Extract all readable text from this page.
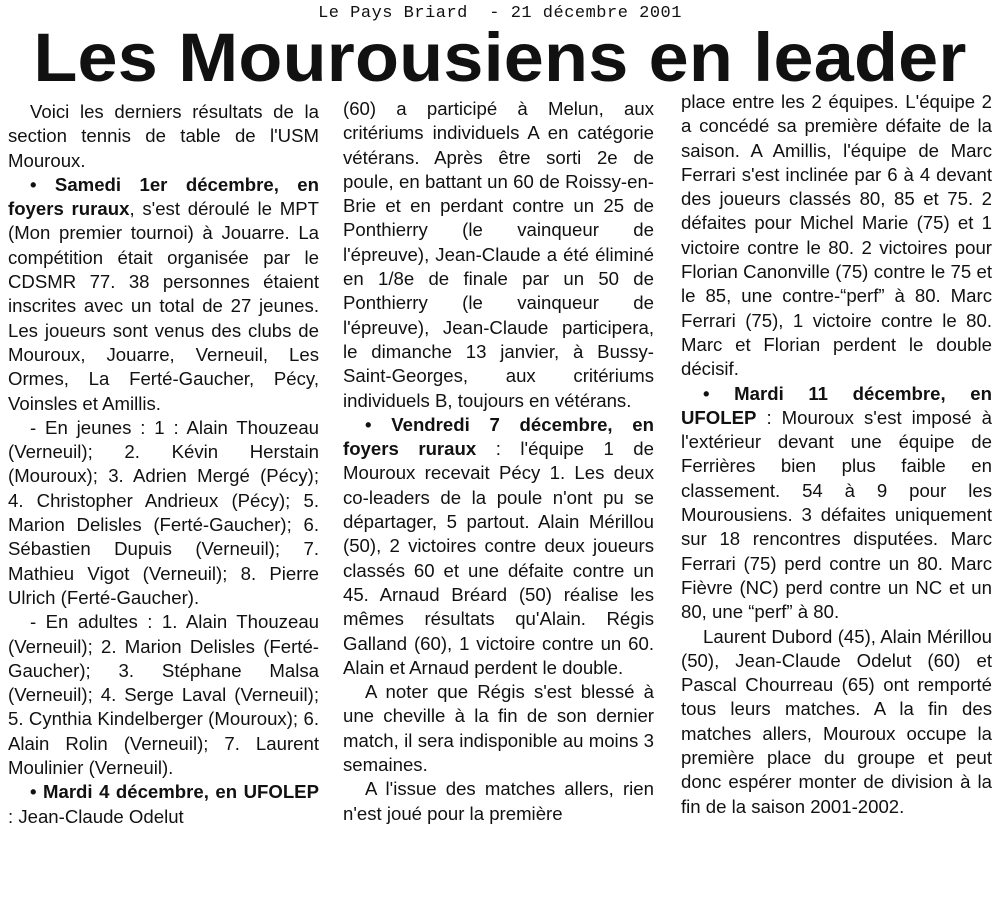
Le Pays Briard  - 21 décembre 2001
Les Mourousiens en leader

Voici les derniers résultats de la section tennis de table de l'USM Mouroux.

• Samedi 1er décembre, en foyers ruraux, s'est déroulé le MPT (Mon premier tournoi) à Jouarre. La compétition était organisée par le CDSMR 77. 38 personnes étaient inscrites avec un total de 27 jeunes. Les joueurs sont venus des clubs de Mouroux, Jouarre, Verneuil, Les Ormes, La Ferté-Gaucher, Pécy, Voinsles et Amillis.

- En jeunes : 1 : Alain Thouzeau (Verneuil); 2. Kévin Herstain (Mouroux); 3. Adrien Mergé (Pécy); 4. Christopher Andrieux (Pécy); 5. Marion Delisles (Ferté-Gaucher); 6. Sébastien Dupuis (Verneuil); 7. Mathieu Vigot (Verneuil); 8. Pierre Ulrich (Ferté-Gaucher).

- En adultes : 1. Alain Thouzeau (Verneuil); 2. Marion Delisles (Ferté-Gaucher); 3. Stéphane Malsa (Verneuil); 4. Serge Laval (Verneuil); 5. Cynthia Kindelberger (Mouroux); 6. Alain Rolin (Verneuil); 7. Laurent Moulinier (Verneuil).

• Mardi 4 décembre, en UFOLEP : Jean-Claude Odelut

(60) a participé à Melun, aux critériums individuels A en catégorie vétérans. Après être sorti 2e de poule, en battant un 60 de Roissy-en-Brie et en perdant contre un 25 de Ponthierry (le vainqueur de l'épreuve), Jean-Claude a été éliminé en 1/8e de finale par un 50 de Ponthierry (le vainqueur de l'épreuve), Jean-Claude participera, le dimanche 13 janvier, à Bussy-Saint-Georges, aux critériums individuels B, toujours en vétérans.

• Vendredi 7 décembre, en foyers ruraux : l'équipe 1 de Mouroux recevait Pécy 1. Les deux co-leaders de la poule n'ont pu se départager, 5 partout. Alain Mérillou (50), 2 victoires contre deux joueurs classés 60 et une défaite contre un 45. Arnaud Bréard (50) réalise les mêmes résultats qu'Alain. Régis Galland (60), 1 victoire contre un 60. Alain et Arnaud perdent le double.

A noter que Régis s'est blessé à une cheville à la fin de son dernier match, il sera indisponible au moins 3 semaines.

A l'issue des matches allers, rien n'est joué pour la première

place entre les 2 équipes. L'équipe 2 a concédé sa première défaite de la saison. A Amillis, l'équipe de Marc Ferrari s'est inclinée par 6 à 4 devant des joueurs classés 80, 85 et 75. 2 défaites pour Michel Marie (75) et 1 victoire contre le 80. 2 victoires pour Florian Canonville (75) contre le 75 et le 85, une contre-“perf” à 80. Marc Ferrari (75), 1 victoire contre le 80. Marc et Florian perdent le double décisif.

• Mardi 11 décembre, en UFOLEP : Mouroux s'est imposé à l'extérieur devant une équipe de Ferrières bien plus faible en classement. 54 à 9 pour les Mourousiens. 3 défaites uniquement sur 18 rencontres disputées. Marc Ferrari (75) perd contre un 80. Marc Fièvre (NC) perd contre un NC et un 80, une “perf” à 80.

Laurent Dubord (45), Alain Mérillou (50), Jean-Claude Odelut (60) et Pascal Chourreau (65) ont remporté tous leurs matches. A la fin des matches allers, Mouroux occupe la première place du groupe et peut donc espérer monter de division à la fin de la saison 2001-2002.
